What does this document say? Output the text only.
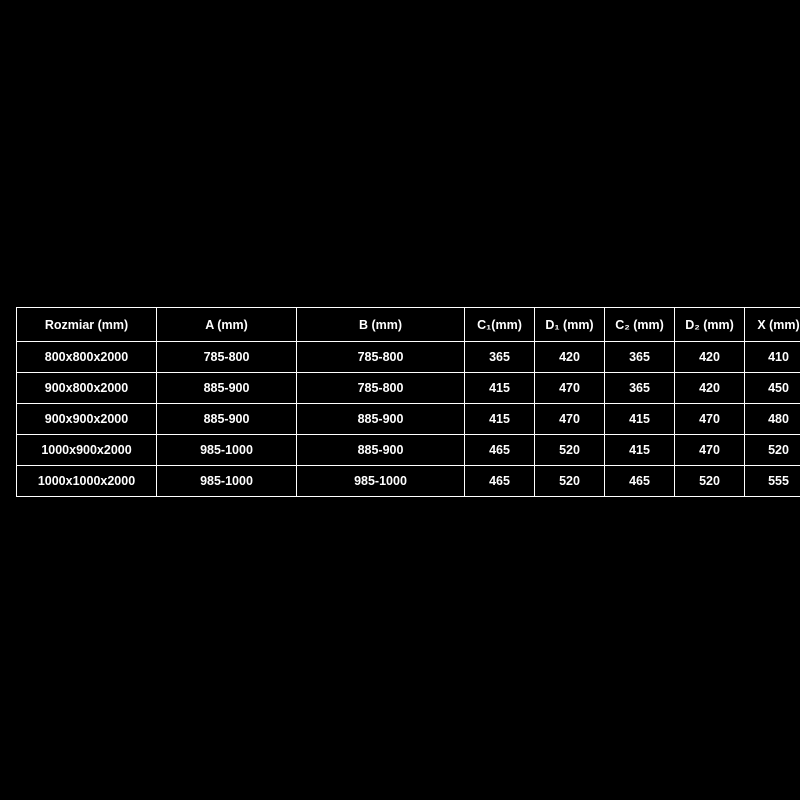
Rozmiar (mm)	A (mm)	B (mm)	C₁(mm)	D₁ (mm)	C₂ (mm)	D₂ (mm)	X (mm)
800x800x2000	785-800	785-800	365	420	365	420	410
900x800x2000	885-900	785-800	415	470	365	420	450
900x900x2000	885-900	885-900	415	470	415	470	480
1000x900x2000	985-1000	885-900	465	520	415	470	520
1000x1000x2000	985-1000	985-1000	465	520	465	520	555
